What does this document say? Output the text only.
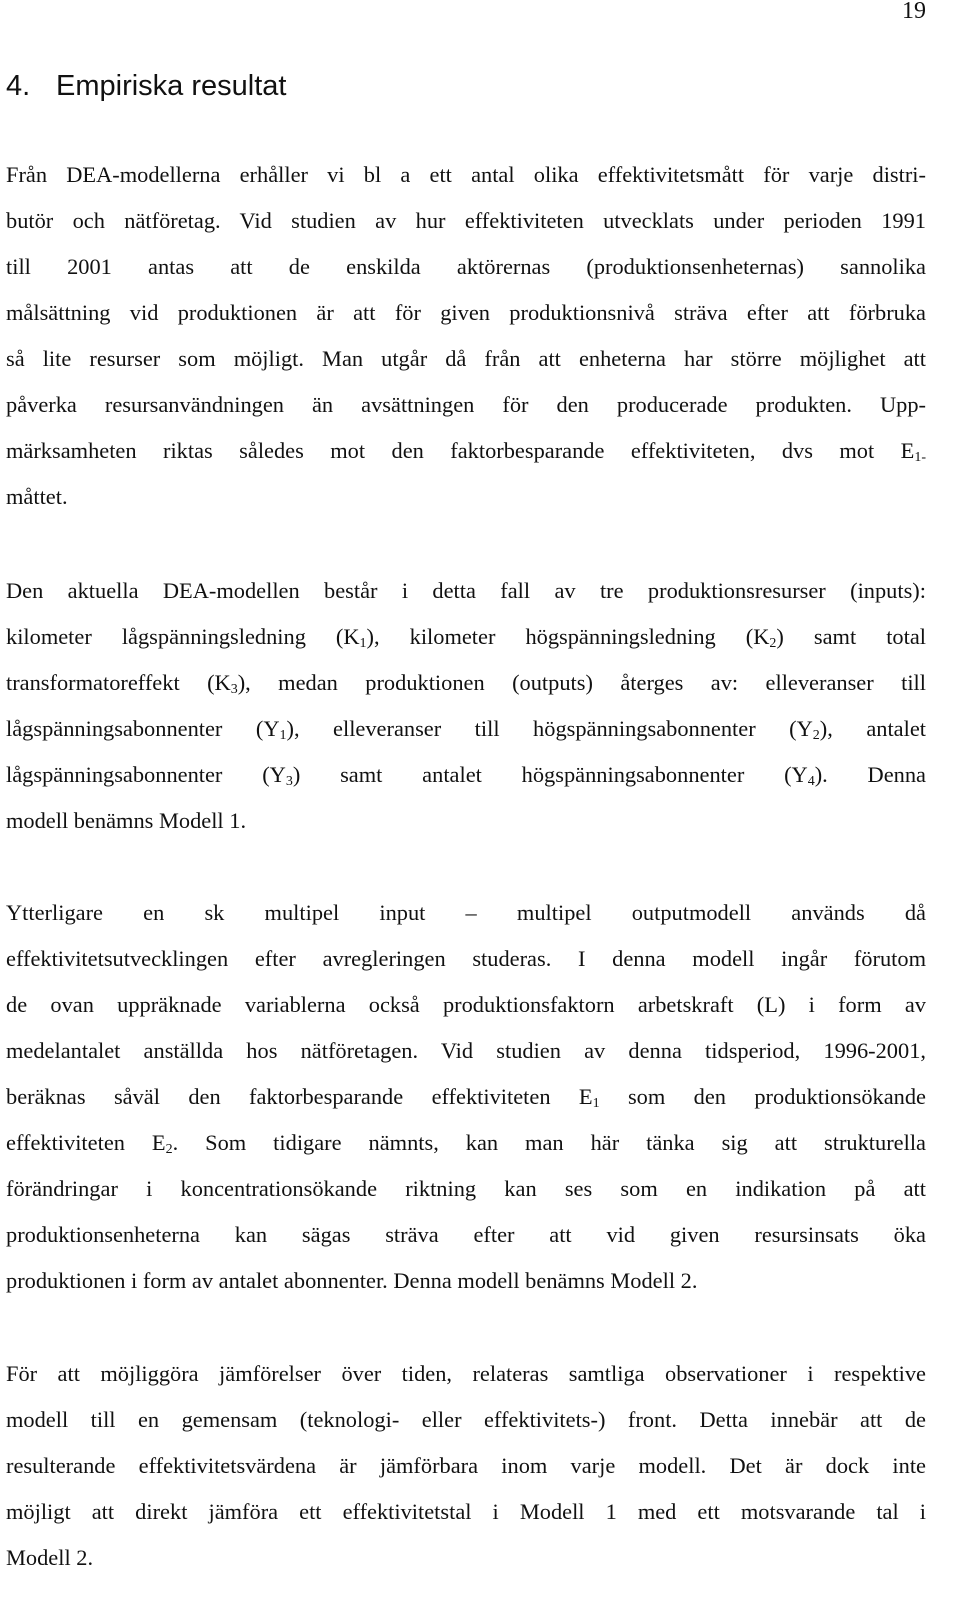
19
4. Empiriska resultat

Från DEA-modellerna erhåller vi bl a ett antal olika effektivitetsmått för varje distri-
butör och nätföretag. Vid studien av hur effektiviteten utvecklats under perioden 1991
till 2001 antas att de enskilda aktörernas (produktionsenheternas) sannolika
målsättning vid produktionen är att för given produktionsnivå sträva efter att förbruka
så lite resurser som möjligt. Man utgår då från att enheterna har större möjlighet att
påverka resursanvändningen än avsättningen för den producerade produkten. Upp-
märksamheten riktas således mot den faktorbesparande effektiviteten, dvs mot $E_{1-}$
måttet.

Den aktuella DEA-modellen består i detta fall av tre produktionsresurser (inputs):
kilometer lågspänningsledning $(K_1)$, kilometer högspänningsledning $(K_2)$ samt total
transformatoreffekt $(K_3)$, medan produktionen (outputs) återges av: elleveranser till
lågspänningsabonnenter $(Y_1)$, elleveranser till högspänningsabonnenter $(Y_2)$, antalet
lågspänningsabonnenter $(Y_3)$ samt antalet högspänningsabonnenter $(Y_4)$. Denna
modell benämns Modell 1.

Ytterligare en sk multipel input – multipel outputmodell används då
effektivitetsutvecklingen efter avregleringen studeras. I denna modell ingår förutom
de ovan uppräknade variablerna också produktionsfaktorn arbetskraft (L) i form av
medelantalet anställda hos nätföretagen. Vid studien av denna tidsperiod, 1996-2001,
beräknas såväl den faktorbesparande effektiviteten $E_1$ som den produktionsökande
effektiviteten $E_2$. Som tidigare nämnts, kan man här tänka sig att strukturella
förändringar i koncentrationsökande riktning kan ses som en indikation på att
produktionsenheterna kan sägas sträva efter att vid given resursinsats öka
produktionen i form av antalet abonnenter. Denna modell benämns Modell 2.

För att möjliggöra jämförelser över tiden, relateras samtliga observationer i respektive
modell till en gemensam (teknologi- eller effektivitets-) front. Detta innebär att de
resulterande effektivitetsvärdena är jämförbara inom varje modell. Det är dock inte
möjligt att direkt jämföra ett effektivitetstal i Modell 1 med ett motsvarande tal i
Modell 2.
